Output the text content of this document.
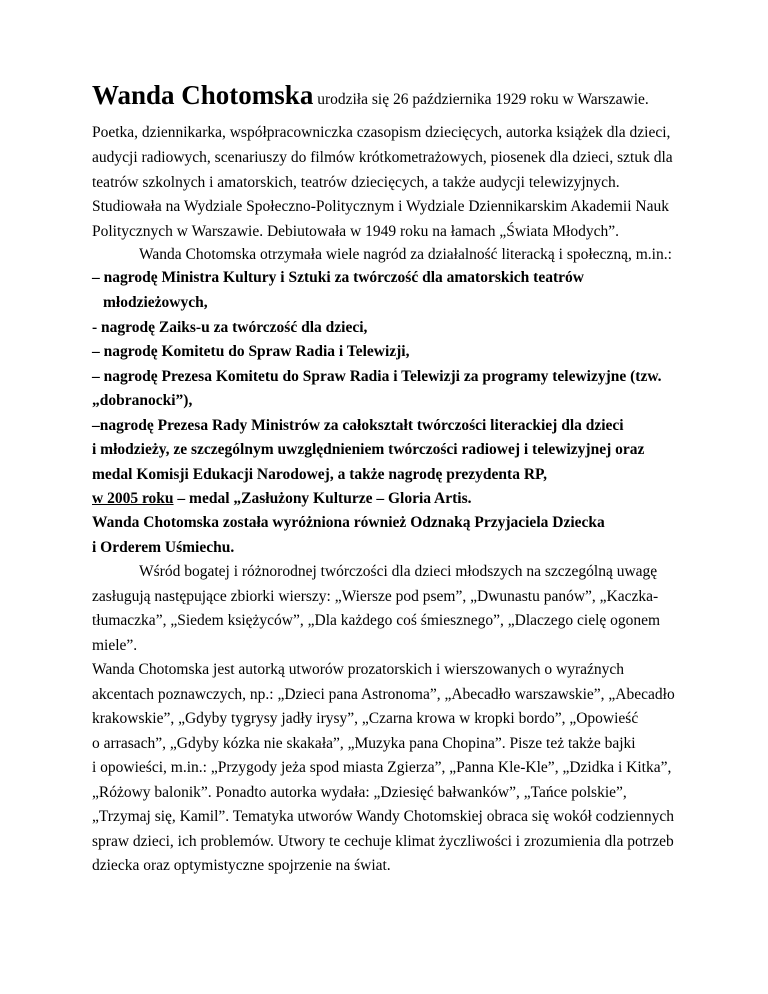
Wanda Chotomska urodziła się 26 października 1929 roku w Warszawie.
Poetka, dziennikarka, współpracowniczka czasopism dziecięcych, autorka książek dla dzieci,
audycji radiowych, scenariuszy do filmów krótkometrażowych, piosenek dla dzieci, sztuk dla
teatrów szkolnych i amatorskich, teatrów dziecięcych, a także audycji telewizyjnych.
Studiowała na Wydziale Społeczno-Politycznym i Wydziale Dziennikarskim Akademii Nauk
Politycznych w Warszawie. Debiutowała w 1949 roku na łamach „Świata Młodych”.
Wanda Chotomska otrzymała wiele nagród za działalność literacką i społeczną, m.in.:
– nagrodę Ministra Kultury i Sztuki za twórczość dla amatorskich teatrów
młodzieżowych,
- nagrodę Zaiks-u za twórczość dla dzieci,
– nagrodę Komitetu do Spraw Radia i Telewizji,
– nagrodę Prezesa Komitetu do Spraw Radia i Telewizji za programy telewizyjne (tzw.
„dobranocki”),
–nagrodę Prezesa Rady Ministrów za całokształt twórczości literackiej dla dzieci
i młodzieży, ze szczególnym uwzględnieniem twórczości radiowej i telewizyjnej oraz
medal Komisji Edukacji Narodowej, a także nagrodę prezydenta RP,
w 2005 roku – medal „Zasłużony Kulturze – Gloria Artis.
Wanda Chotomska została wyróżniona również Odznaką Przyjaciela Dziecka
i Orderem Uśmiechu.
Wśród bogatej i różnorodnej twórczości dla dzieci młodszych na szczególną uwagę
zasługują następujące zbiorki wierszy: „Wiersze pod psem”, „Dwunastu panów”, „Kaczka-
tłumaczka”, „Siedem księżyców”, „Dla każdego coś śmiesznego”, „Dlaczego cielę ogonem
miele”.
Wanda Chotomska jest autorką utworów prozatorskich i wierszowanych o wyraźnych
akcentach poznawczych, np.: „Dzieci pana Astronoma”, „Abecadło warszawskie”, „Abecadło
krakowskie”, „Gdyby tygrysy jadły irysy”, „Czarna krowa w kropki bordo”, „Opowieść
o arrasach”, „Gdyby kózka nie skakała”, „Muzyka pana Chopina”. Pisze też także bajki
i opowieści, m.in.: „Przygody jeża spod miasta Zgierza”, „Panna Kle-Kle”, „Dzidka i Kitka”,
„Różowy balonik”. Ponadto autorka wydała: „Dziesięć bałwanków”, „Tańce polskie”,
„Trzymaj się, Kamil”. Tematyka utworów Wandy Chotomskiej obraca się wokół codziennych
spraw dzieci, ich problemów. Utwory te cechuje klimat życzliwości i zrozumienia dla potrzeb
dziecka oraz optymistyczne spojrzenie na świat.
